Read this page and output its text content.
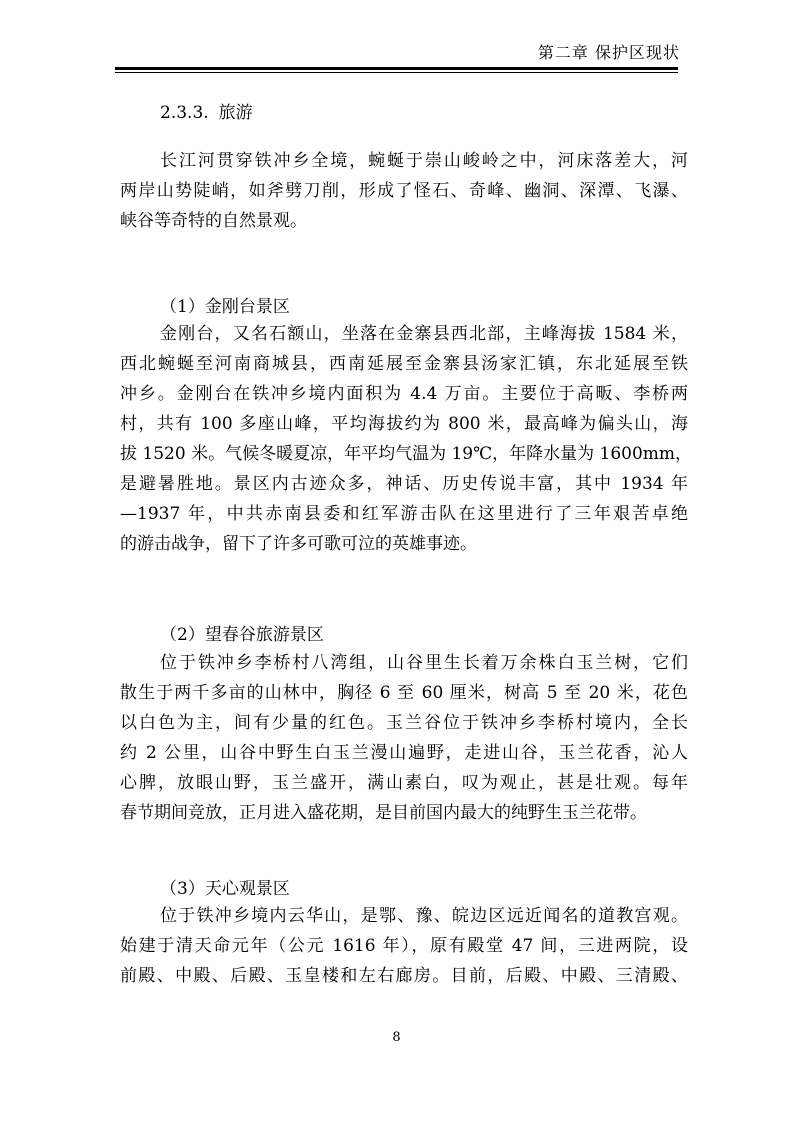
第二章 保护区现状
2.3.3. 旅游
长江河贯穿铁冲乡全境，蜿蜒于崇山峻岭之中，河床落差大，河
两岸山势陡峭，如斧劈刀削，形成了怪石、奇峰、幽洞、深潭、飞瀑、
峡谷等奇特的自然景观。
（1）金刚台景区
金刚台，又名石额山，坐落在金寨县西北部，主峰海拔 1584 米，
西北蜿蜒至河南商城县，西南延展至金寨县汤家汇镇，东北延展至铁
冲乡。金刚台在铁冲乡境内面积为 4.4 万亩。主要位于高畈、李桥两
村，共有 100 多座山峰，平均海拔约为 800 米，最高峰为偏头山，海
拔 1520 米。气候冬暖夏凉，年平均气温为 19℃，年降水量为 1600mm，
是避暑胜地。景区内古迹众多，神话、历史传说丰富，其中 1934 年
—1937 年，中共赤南县委和红军游击队在这里进行了三年艰苦卓绝
的游击战争，留下了许多可歌可泣的英雄事迹。
（2）望春谷旅游景区
位于铁冲乡李桥村八湾组，山谷里生长着万余株白玉兰树，它们
散生于两千多亩的山林中，胸径 6 至 60 厘米，树高 5 至 20 米，花色
以白色为主，间有少量的红色。玉兰谷位于铁冲乡李桥村境内，全长
约 2 公里，山谷中野生白玉兰漫山遍野，走进山谷，玉兰花香，沁人
心脾，放眼山野，玉兰盛开，满山素白，叹为观止，甚是壮观。每年
春节期间竞放，正月进入盛花期，是目前国内最大的纯野生玉兰花带。
（3）天心观景区
位于铁冲乡境内云华山，是鄂、豫、皖边区远近闻名的道教宫观。
始建于清天命元年（公元 1616 年），原有殿堂 47 间，三进两院，设
前殿、中殿、后殿、玉皇楼和左右廊房。目前，后殿、中殿、三清殿、
8
